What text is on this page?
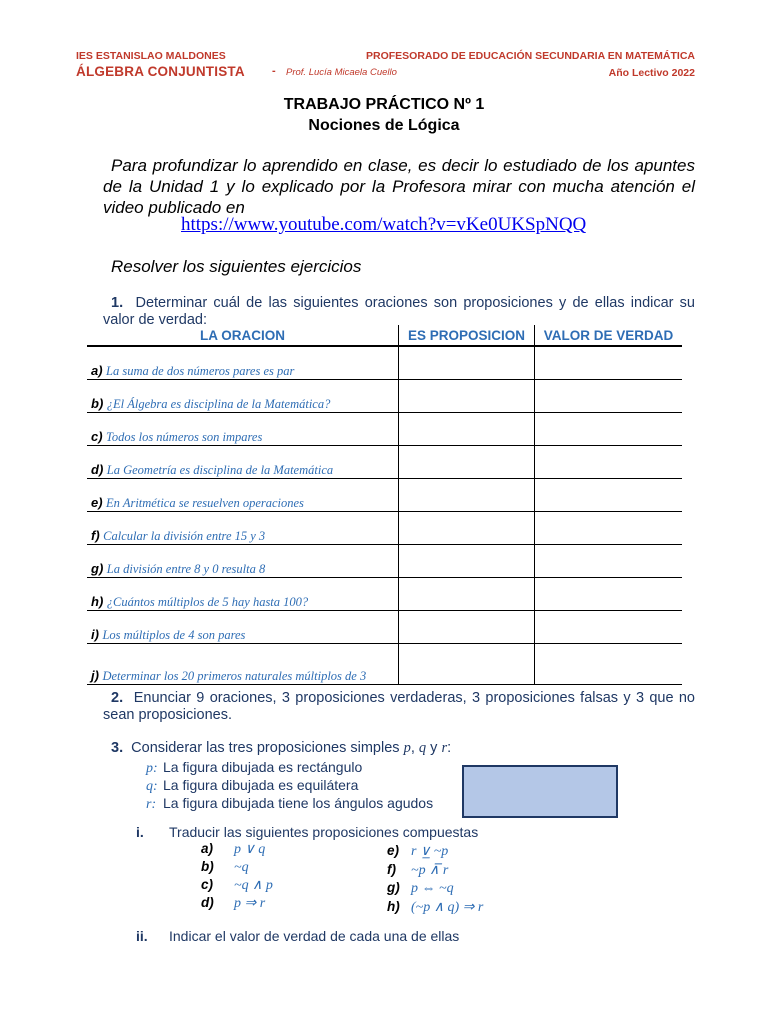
IES ESTANISLAO MALDONES	PROFESORADO DE EDUCACIÓN SECUNDARIA EN MATEMÁTICA
ÁLGEBRA CONJUNTISTA - Prof. Lucía Micaela Cuello	Año Lectivo 2022
TRABAJO PRÁCTICO Nº 1
Nociones de Lógica
Para profundizar lo aprendido en clase, es decir lo estudiado de los apuntes de la Unidad 1 y lo explicado por la Profesora mirar con mucha atención el video publicado en
https://www.youtube.com/watch?v=vKe0UKSpNQQ
Resolver los siguientes ejercicios
1. Determinar cuál de las siguientes oraciones son proposiciones y de ellas indicar su valor de verdad:
LA ORACION	ES PROPOSICION	VALOR DE VERDAD
a) La suma de dos números pares es par		
b) ¿El Álgebra es disciplina de la Matemática?		
c) Todos los números son impares		
d) La Geometría es disciplina de la Matemática		
e) En Aritmética se resuelven operaciones		
f) Calcular la división entre 15 y 3		
g) La división entre 8 y 0 resulta 8		
h) ¿Cuántos múltiplos de 5 hay hasta 100?		
i) Los múltiplos de 4 son pares		
j) Determinar los 20 primeros naturales múltiplos de 3		
2. Enunciar 9 oraciones, 3 proposiciones verdaderas, 3 proposiciones falsas y 3 que no sean proposiciones.
3. Considerar las tres proposiciones simples p, q y r:
p: La figura dibujada es rectángulo
q: La figura dibujada es equilátera
r: La figura dibujada tiene los ángulos agudos
i. Traducir las siguientes proposiciones compuestas
a) p ∨ q
b) ~q
c) ~q ∧ p
d) p ⇒ r
e) r ∨̲ ~p
f) ~p ∧̅ r
g) p ⇔ ~q
h) (~p ∧ q) ⇒ r
ii. Indicar el valor de verdad de cada una de ellas
